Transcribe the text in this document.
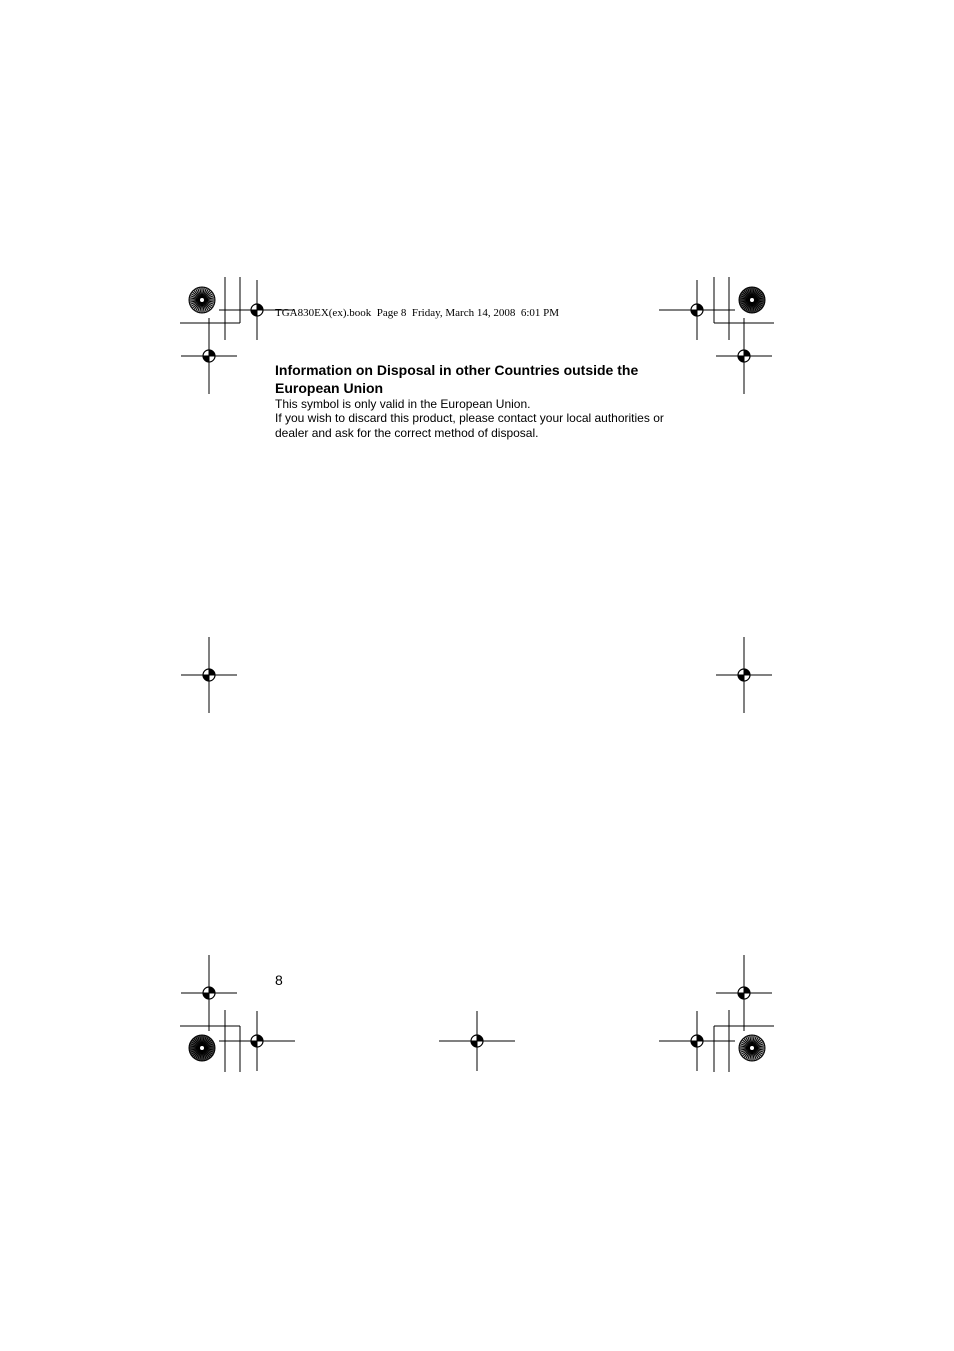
TGA830EX(ex).book  Page 8  Friday, March 14, 2008  6:01 PM

Information on Disposal in other Countries outside the European Union

This symbol is only valid in the European Union.

If you wish to discard this product, please contact your local authorities or dealer and ask for the correct method of disposal.

8
